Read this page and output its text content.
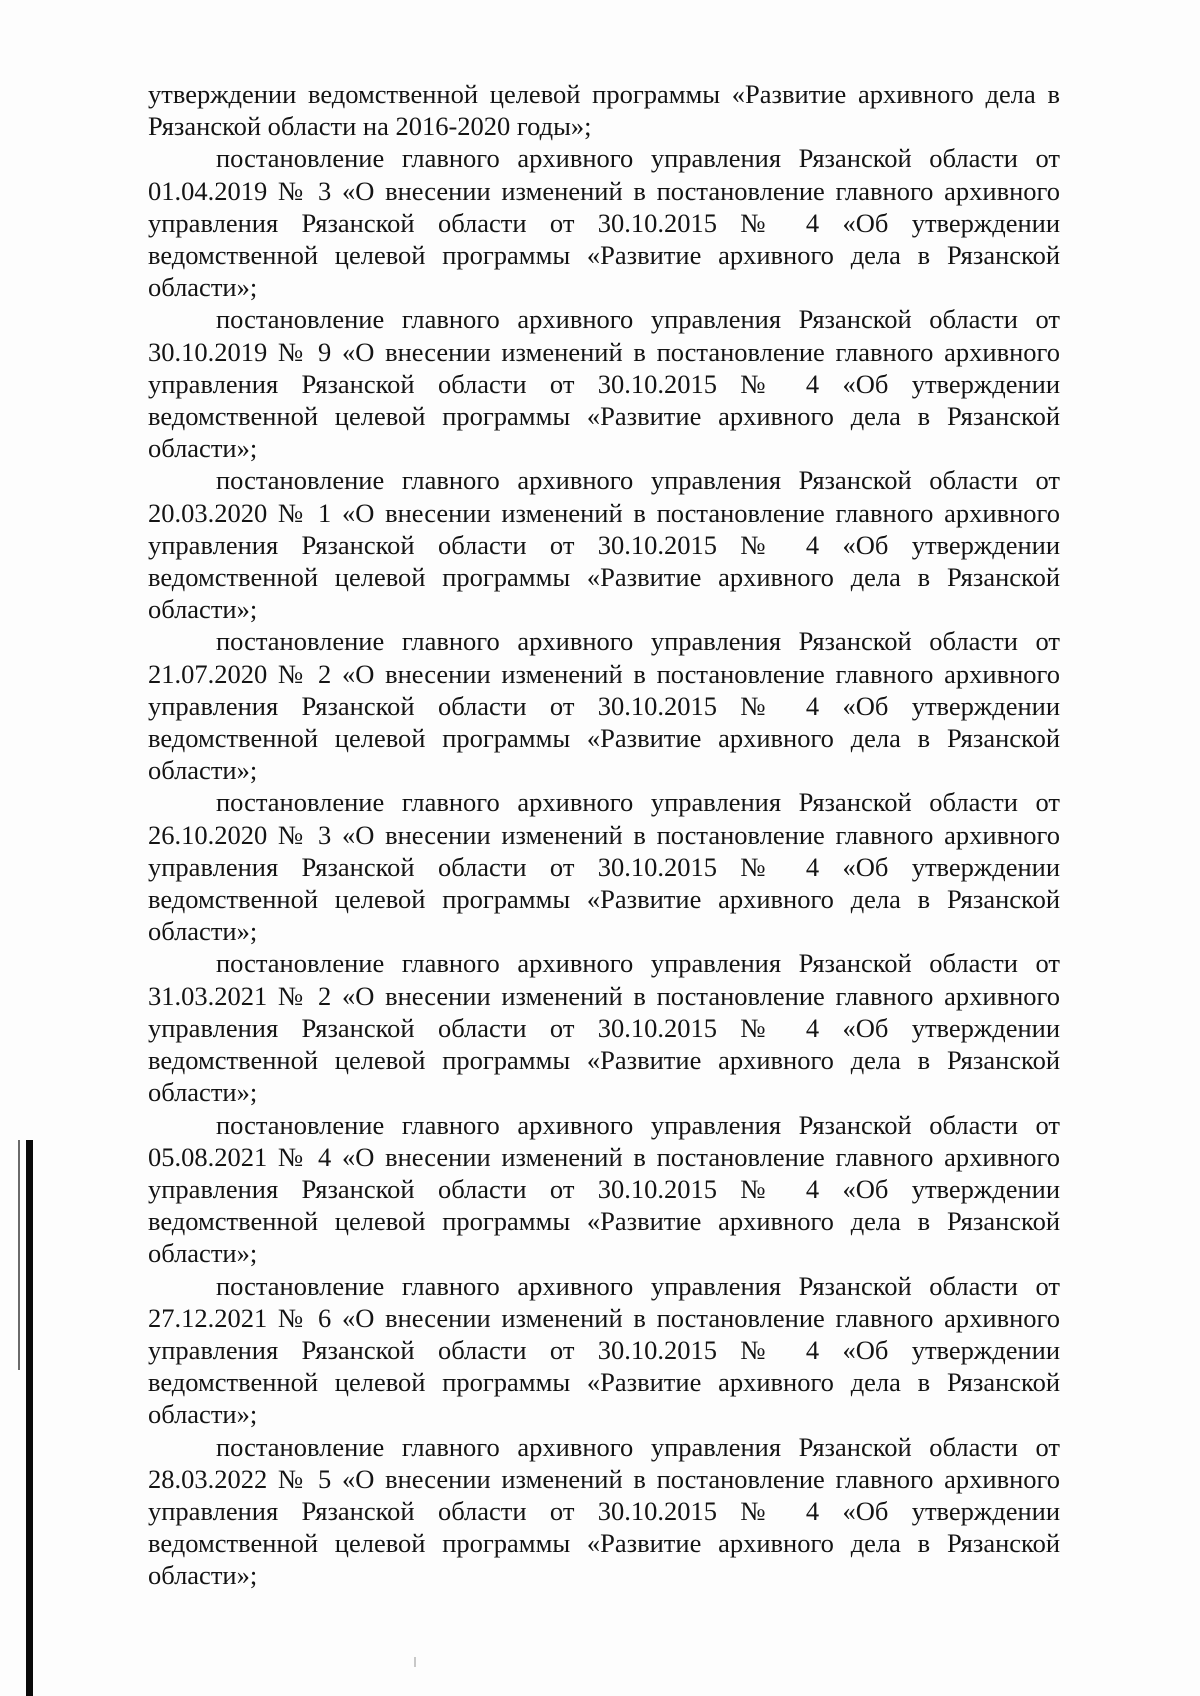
утверждении ведомственной целевой программы «Развитие архивного дела в Рязанской области на 2016-2020 годы»;

постановление главного архивного управления Рязанской области от 01.04.2019 № 3 «О внесении изменений в постановление главного архивного управления Рязанской области от 30.10.2015 № 4 «Об утверждении ведомственной целевой программы «Развитие архивного дела в Рязанской области»;

постановление главного архивного управления Рязанской области от 30.10.2019 № 9 «О внесении изменений в постановление главного архивного управления Рязанской области от 30.10.2015 № 4 «Об утверждении ведомственной целевой программы «Развитие архивного дела в Рязанской области»;

постановление главного архивного управления Рязанской области от 20.03.2020 № 1 «О внесении изменений в постановление главного архивного управления Рязанской области от 30.10.2015 № 4 «Об утверждении ведомственной целевой программы «Развитие архивного дела в Рязанской области»;

постановление главного архивного управления Рязанской области от 21.07.2020 № 2 «О внесении изменений в постановление главного архивного управления Рязанской области от 30.10.2015 № 4 «Об утверждении ведомственной целевой программы «Развитие архивного дела в Рязанской области»;

постановление главного архивного управления Рязанской области от 26.10.2020 № 3 «О внесении изменений в постановление главного архивного управления Рязанской области от 30.10.2015 № 4 «Об утверждении ведомственной целевой программы «Развитие архивного дела в Рязанской области»;

постановление главного архивного управления Рязанской области от 31.03.2021 № 2 «О внесении изменений в постановление главного архивного управления Рязанской области от 30.10.2015 № 4 «Об утверждении ведомственной целевой программы «Развитие архивного дела в Рязанской области»;

постановление главного архивного управления Рязанской области от 05.08.2021 № 4 «О внесении изменений в постановление главного архивного управления Рязанской области от 30.10.2015 № 4 «Об утверждении ведомственной целевой программы «Развитие архивного дела в Рязанской области»;

постановление главного архивного управления Рязанской области от 27.12.2021 № 6 «О внесении изменений в постановление главного архивного управления Рязанской области от 30.10.2015 № 4 «Об утверждении ведомственной целевой программы «Развитие архивного дела в Рязанской области»;

постановление главного архивного управления Рязанской области от 28.03.2022 № 5 «О внесении изменений в постановление главного архивного управления Рязанской области от 30.10.2015 № 4 «Об утверждении ведомственной целевой программы «Развитие архивного дела в Рязанской области»;
